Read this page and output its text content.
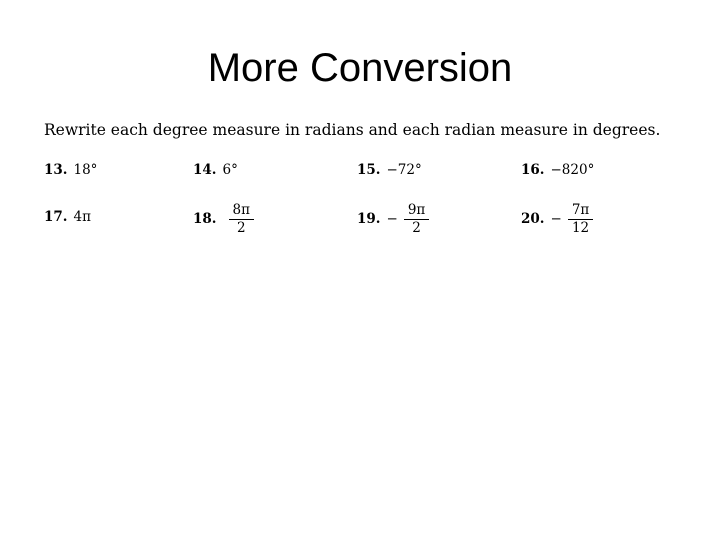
More Conversion
Rewrite each degree measure in radians and each radian measure in degrees.
13. 18°	14. 6°	15. −72°	16. −820°
17. 4π	18. $\frac{8\pi}{2}$	19. − $\frac{9\pi}{2}$	20. − $\frac{7\pi}{12}$
